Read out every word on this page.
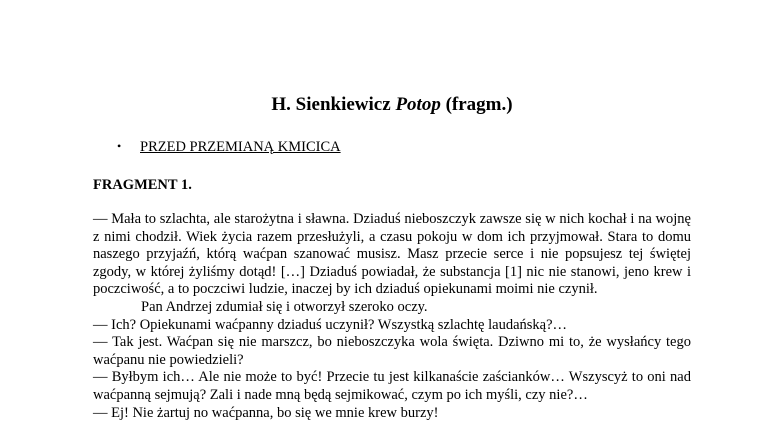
H. Sienkiewicz Potop (fragm.)
• PRZED PRZEMIANĄ KMICICA
FRAGMENT 1.

— Mała to szlachta, ale starożytna i sławna. Dziaduś nieboszczyk zawsze się w nich kochał i na wojnę z nimi chodził. Wiek życia razem przesłużyli, a czasu pokoju w dom ich przyjmował. Stara to domu naszego przyjaźń, którą waćpan szanować musisz. Masz przecie serce i nie popsujesz tej świętej zgody, w której żyliśmy dotąd! […] Dziaduś powiadał, że substancja [1] nic nie stanowi, jeno krew i poczciwość, a to poczciwi ludzie, inaczej by ich dziaduś opiekunami moimi nie czynił.

Pan Andrzej zdumiał się i otworzył szeroko oczy.

— Ich? Opiekunami waćpanny dziaduś uczynił? Wszystką szlachtę laudańską?…

— Tak jest. Waćpan się nie marszcz, bo nieboszczyka wola święta. Dziwno mi to, że wysłańcy tego waćpanu nie powiedzieli?

— Byłbym ich… Ale nie może to być! Przecie tu jest kilkanaście zaścianków… Wszyscyż to oni nad waćpanną sejmują? Zali i nade mną będą sejmikować, czym po ich myśli, czy nie?…

— Ej! Nie żartuj no waćpanna, bo się we mnie krew burzy!
